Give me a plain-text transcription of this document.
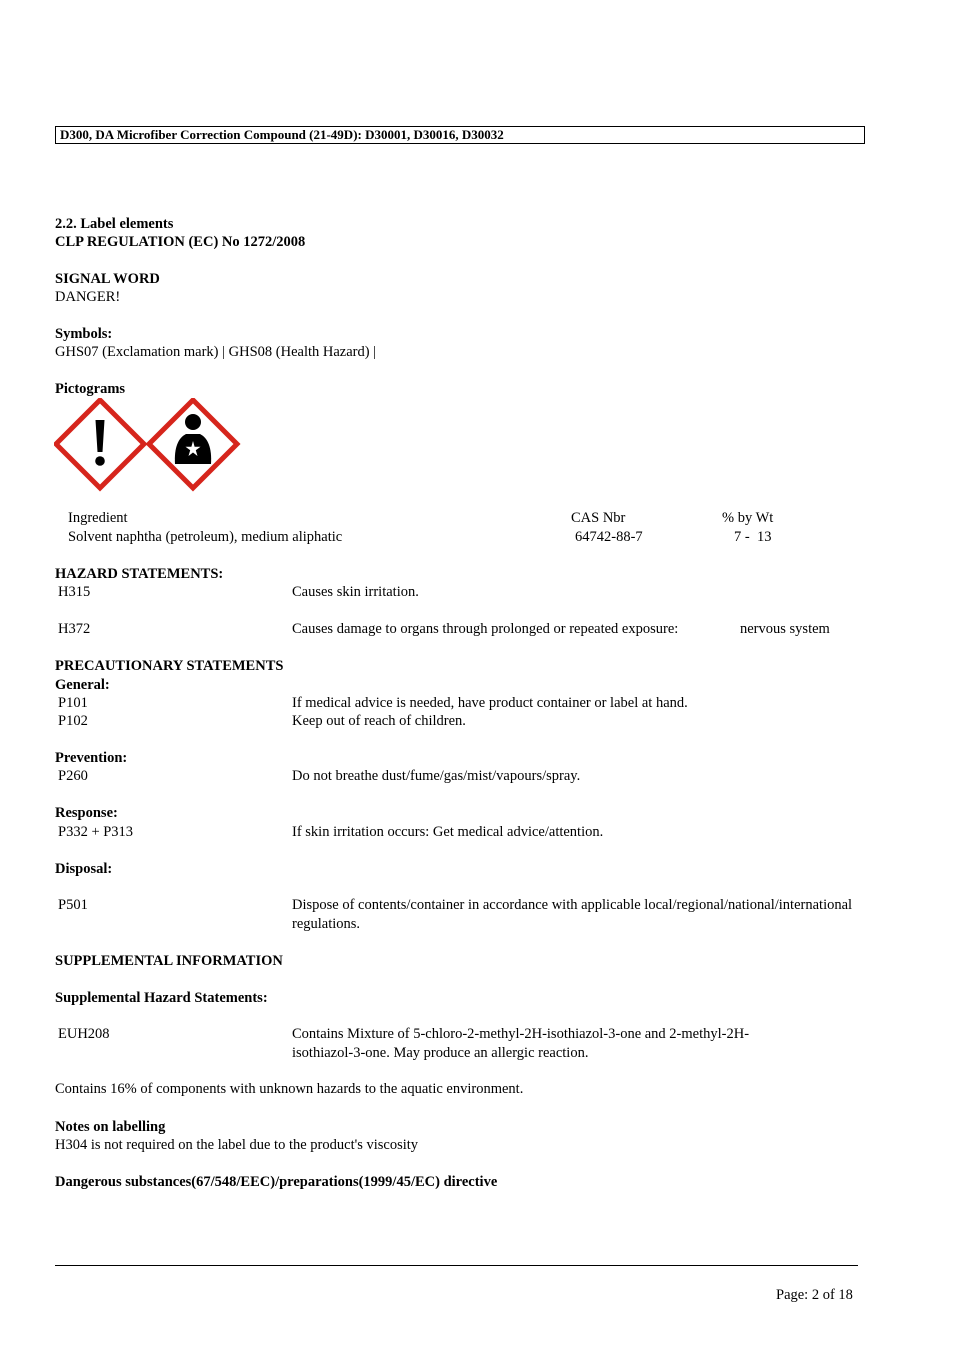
D300, DA Microfiber Correction Compound (21-49D): D30001, D30016, D30032
2.2. Label elements
CLP REGULATION (EC) No 1272/2008
SIGNAL WORD
DANGER!
Symbols:
GHS07 (Exclamation mark) | GHS08 (Health Hazard) |
Pictograms
Ingredient	CAS Nbr	% by Wt
Solvent naphtha (petroleum), medium aliphatic	64742-88-7	7 -  13
HAZARD STATEMENTS:
H315	Causes skin irritation.
H372	Causes damage to organs through prolonged or repeated exposure:	nervous system
PRECAUTIONARY STATEMENTS
General:
P101	If medical advice is needed, have product container or label at hand.
P102	Keep out of reach of children.
Prevention:
P260	Do not breathe dust/fume/gas/mist/vapours/spray.
Response:
P332 + P313	If skin irritation occurs: Get medical advice/attention.
Disposal:
P501	Dispose of contents/container in accordance with applicable local/regional/national/international
regulations.
SUPPLEMENTAL INFORMATION
Supplemental Hazard Statements:
EUH208	Contains Mixture of 5-chloro-2-methyl-2H-isothiazol-3-one and 2-methyl-2H-
isothiazol-3-one. May produce an allergic reaction.
Contains 16% of components with unknown hazards to the aquatic environment.
Notes on labelling
H304 is not required on the label due to the product's viscosity
Dangerous substances(67/548/EEC)/preparations(1999/45/EC) directive
Page: 2 of 18
